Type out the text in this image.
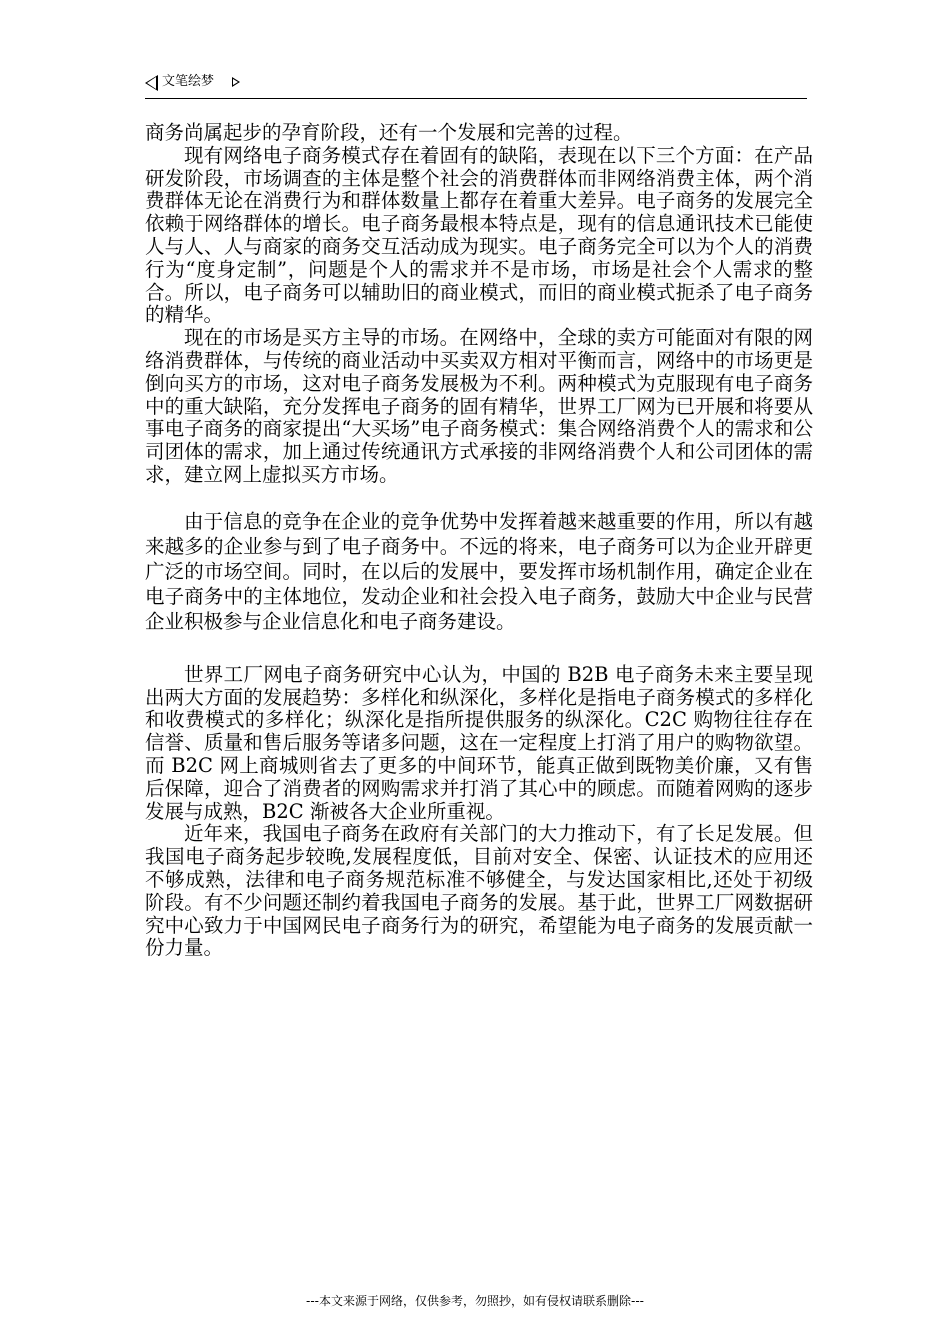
文笔绘梦

商务尚属起步的孕育阶段，还有一个发展和完善的过程。

现有网络电子商务模式存在着固有的缺陷，表现在以下三个方面：在产品研发阶段，市场调查的主体是整个社会的消费群体而非网络消费主体，两个消费群体无论在消费行为和群体数量上都存在着重大差异。电子商务的发展完全依赖于网络群体的增长。电子商务最根本特点是，现有的信息通讯技术已能使人与人、人与商家的商务交互活动成为现实。电子商务完全可以为个人的消费行为“度身定制”，问题是个人的需求并不是市场，市场是社会个人需求的整合。所以，电子商务可以辅助旧的商业模式，而旧的商业模式扼杀了电子商务的精华。

现在的市场是买方主导的市场。在网络中，全球的卖方可能面对有限的网络消费群体，与传统的商业活动中买卖双方相对平衡而言，网络中的市场更是倒向买方的市场，这对电子商务发展极为不利。两种模式为克服现有电子商务中的重大缺陷，充分发挥电子商务的固有精华，世界工厂网为已开展和将要从事电子商务的商家提出“大买场”电子商务模式：集合网络消费个人的需求和公司团体的需求，加上通过传统通讯方式承接的非网络消费个人和公司团体的需求，建立网上虚拟买方市场。

由于信息的竞争在企业的竞争优势中发挥着越来越重要的作用，所以有越来越多的企业参与到了电子商务中。不远的将来，电子商务可以为企业开辟更广泛的市场空间。同时，在以后的发展中，要发挥市场机制作用，确定企业在电子商务中的主体地位，发动企业和社会投入电子商务，鼓励大中企业与民营企业积极参与企业信息化和电子商务建设。

世界工厂网电子商务研究中心认为，中国的 B2B 电子商务未来主要呈现出两大方面的发展趋势：多样化和纵深化，多样化是指电子商务模式的多样化和收费模式的多样化；纵深化是指所提供服务的纵深化。C2C 购物往往存在信誉、质量和售后服务等诸多问题，这在一定程度上打消了用户的购物欲望。而 B2C 网上商城则省去了更多的中间环节，能真正做到既物美价廉，又有售后保障，迎合了消费者的网购需求并打消了其心中的顾虑。而随着网购的逐步发展与成熟，B2C 渐被各大企业所重视。

近年来，我国电子商务在政府有关部门的大力推动下，有了长足发展。但我国电子商务起步较晚,发展程度低，目前对安全、保密、认证技术的应用还不够成熟，法律和电子商务规范标准不够健全，与发达国家相比,还处于初级阶段。有不少问题还制约着我国电子商务的发展。基于此，世界工厂网数据研究中心致力于中国网民电子商务行为的研究，希望能为电子商务的发展贡献一份力量。

---本文来源于网络，仅供参考，勿照抄，如有侵权请联系删除---
